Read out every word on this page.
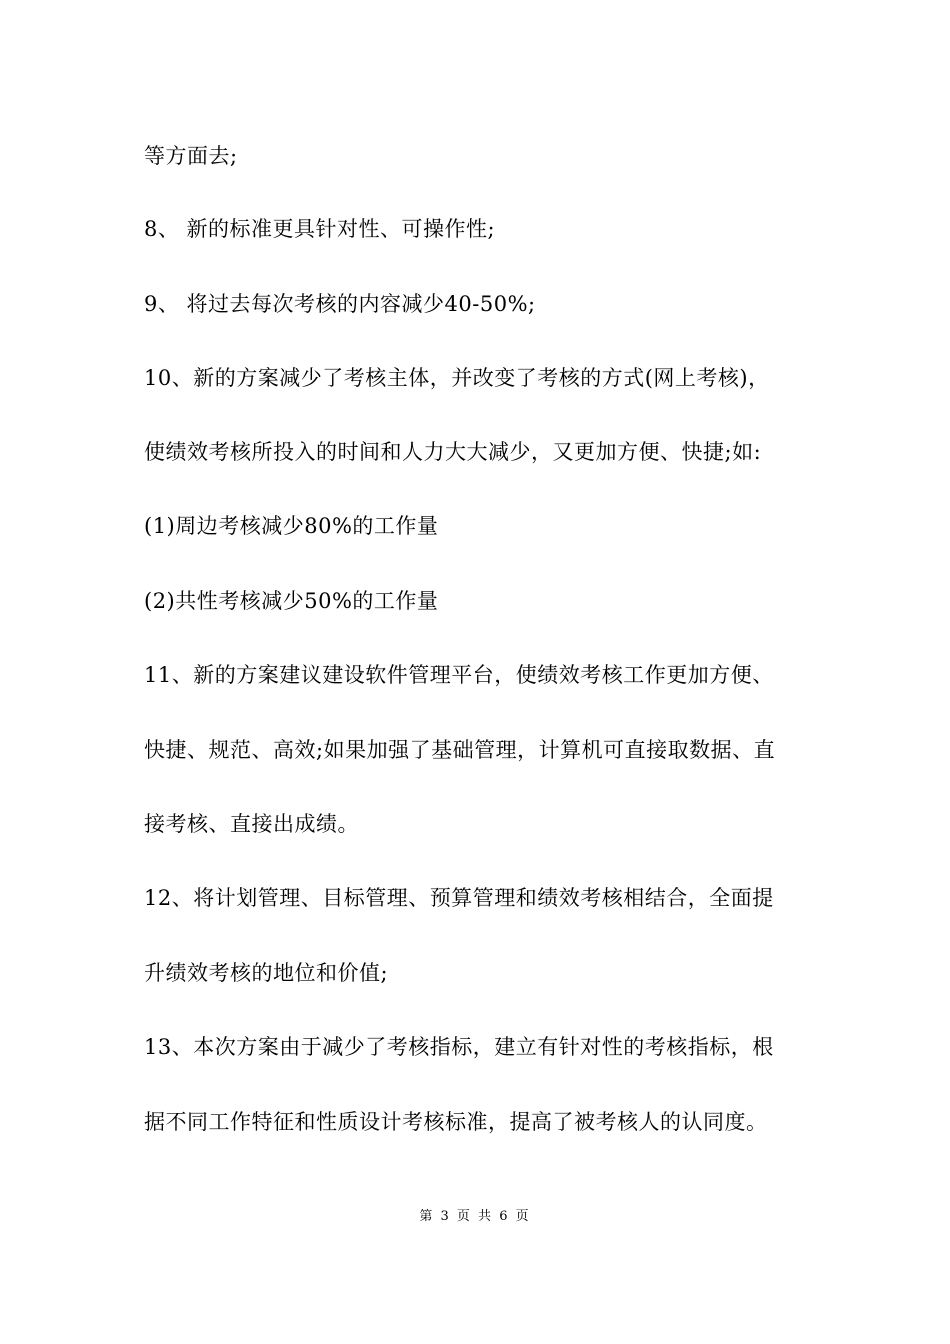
等方面去;
8、 新的标准更具针对性、可操作性;
9、 将过去每次考核的内容减少40-50%;
10、新的方案减少了考核主体，并改变了考核的方式(网上考核)，
使绩效考核所投入的时间和人力大大减少，又更加方便、快捷;如:
(1)周边考核减少80%的工作量
(2)共性考核减少50%的工作量
11、新的方案建议建设软件管理平台，使绩效考核工作更加方便、
快捷、规范、高效;如果加强了基础管理，计算机可直接取数据、直
接考核、直接出成绩。
12、将计划管理、目标管理、预算管理和绩效考核相结合，全面提
升绩效考核的地位和价值;
13、本次方案由于减少了考核指标，建立有针对性的考核指标，根
据不同工作特征和性质设计考核标准，提高了被考核人的认同度。
第 3 页 共 6 页
